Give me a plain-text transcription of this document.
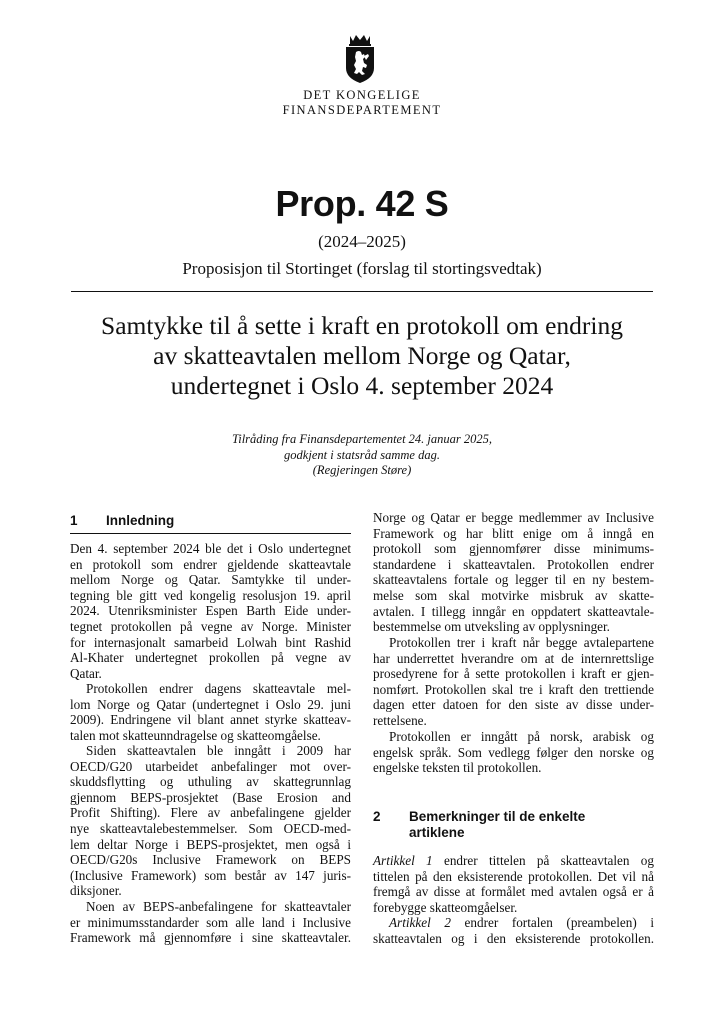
DET KONGELIGE
FINANSDEPARTEMENT
Prop. 42 S
(2024–2025)
Proposisjon til Stortinget (forslag til stortingsvedtak)
Samtykke til å sette i kraft en protokoll om endring
av skatteavtalen mellom Norge og Qatar,
undertegnet i Oslo 4. september 2024
Tilråding fra Finansdepartementet 24. januar 2025,
godkjent i statsråd samme dag.
(Regjeringen Støre)
1	Innledning
Den 4. september 2024 ble det i Oslo undertegnet
en protokoll som endrer gjeldende skatteavtale
mellom Norge og Qatar. Samtykke til under-
tegning ble gitt ved kongelig resolusjon 19. april
2024. Utenriksminister Espen Barth Eide under-
tegnet protokollen på vegne av Norge. Minister
for internasjonalt samarbeid Lolwah bint Rashid
Al-Khater undertegnet prokollen på vegne av
Qatar.
Protokollen endrer dagens skatteavtale mel-
lom Norge og Qatar (undertegnet i Oslo 29. juni
2009). Endringene vil blant annet styrke skatteav-
talen mot skatteunndragelse og skatteomgåelse.
Siden skatteavtalen ble inngått i 2009 har
OECD/G20 utarbeidet anbefalinger mot over-
skuddsflytting og uthuling av skattegrunnlag
gjennom BEPS-prosjektet (Base Erosion and
Profit Shifting). Flere av anbefalingene gjelder
nye skatteavtalebestemmelser. Som OECD-med-
lem deltar Norge i BEPS-prosjektet, men også i
OECD/G20s Inclusive Framework on BEPS
(Inclusive Framework) som består av 147 juris-
diksjoner.
Noen av BEPS-anbefalingene for skatteavtaler
er minimumsstandarder som alle land i Inclusive
Framework må gjennomføre i sine skatteavtaler.
Norge og Qatar er begge medlemmer av Inclusive
Framework og har blitt enige om å inngå en
protokoll som gjennomfører disse minimums-
standardene i skatteavtalen. Protokollen endrer
skatteavtalens fortale og legger til en ny bestem-
melse som skal motvirke misbruk av skatte-
avtalen. I tillegg inngår en oppdatert skatteavtale-
bestemmelse om utveksling av opplysninger.
Protokollen trer i kraft når begge avtalepartene
har underrettet hverandre om at de internrettslige
prosedyrene for å sette protokollen i kraft er gjen-
nomført. Protokollen skal tre i kraft den trettiende
dagen etter datoen for den siste av disse under-
rettelsene.
Protokollen er inngått på norsk, arabisk og
engelsk språk. Som vedlegg følger den norske og
engelske teksten til protokollen.
2	Bemerkninger til de enkelte
artiklene
Artikkel 1 endrer tittelen på skatteavtalen og
tittelen på den eksisterende protokollen. Det vil nå
fremgå av disse at formålet med avtalen også er å
forebygge skatteomgåelser.
Artikkel 2 endrer fortalen (preambelen) i
skatteavtalen og i den eksisterende protokollen.
